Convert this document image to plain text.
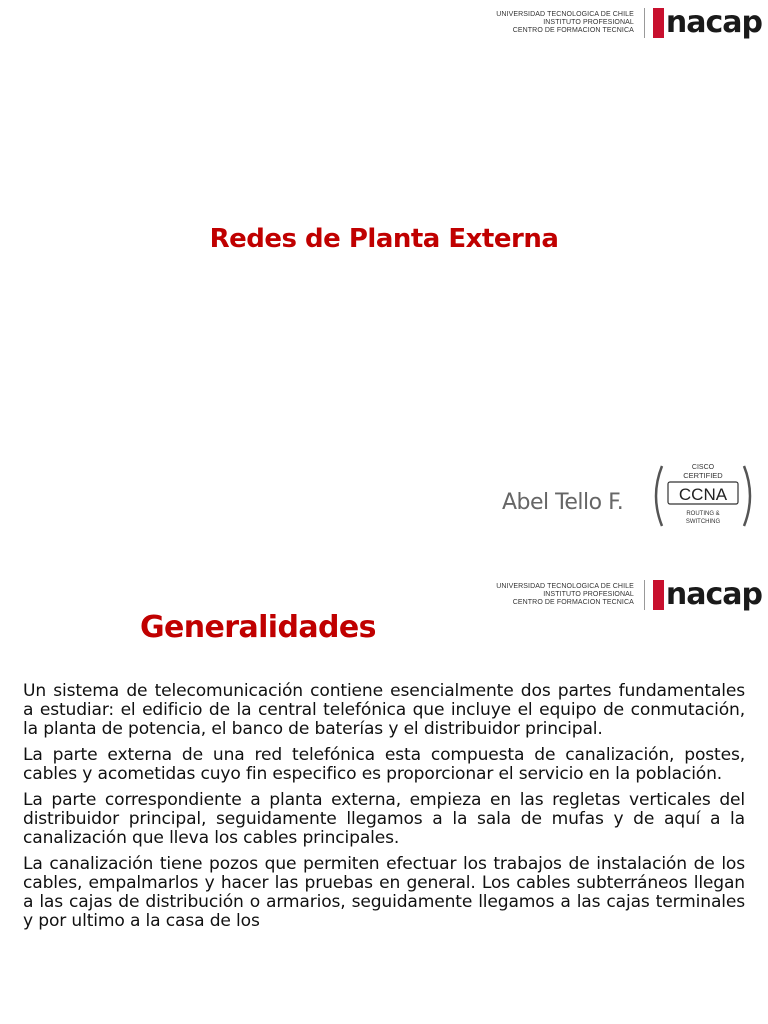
UNIVERSIDAD TECNOLOGICA DE CHILE
INSTITUTO PROFESIONAL
CENTRO DE FORMACION TECNICA nacap
Redes de Planta Externa
Abel Tello F.
CISCO
CERTIFIED
CCNA
ROUTING &
SWITCHING
UNIVERSIDAD TECNOLOGICA DE CHILE
INSTITUTO PROFESIONAL
CENTRO DE FORMACION TECNICA nacap
Generalidades

Un sistema de telecomunicación contiene esencialmente dos partes fundamentales a estudiar: el edificio de la central telefónica que incluye el equipo de conmutación, la planta de potencia, el banco de baterías y el distribuidor principal.

La parte externa de una red telefónica esta compuesta de canalización, postes, cables y acometidas cuyo fin especifico es proporcionar el servicio en la población.

La parte correspondiente a planta externa, empieza en las regletas verticales del distribuidor principal, seguidamente llegamos a la sala de mufas y de aquí a la canalización que lleva los cables principales.

La canalización tiene pozos que permiten efectuar los trabajos de instalación de los cables, empalmarlos y hacer las pruebas en general. Los cables subterráneos llegan a las cajas de distribución o armarios, seguidamente llegamos a las cajas terminales y por ultimo a la casa de los
